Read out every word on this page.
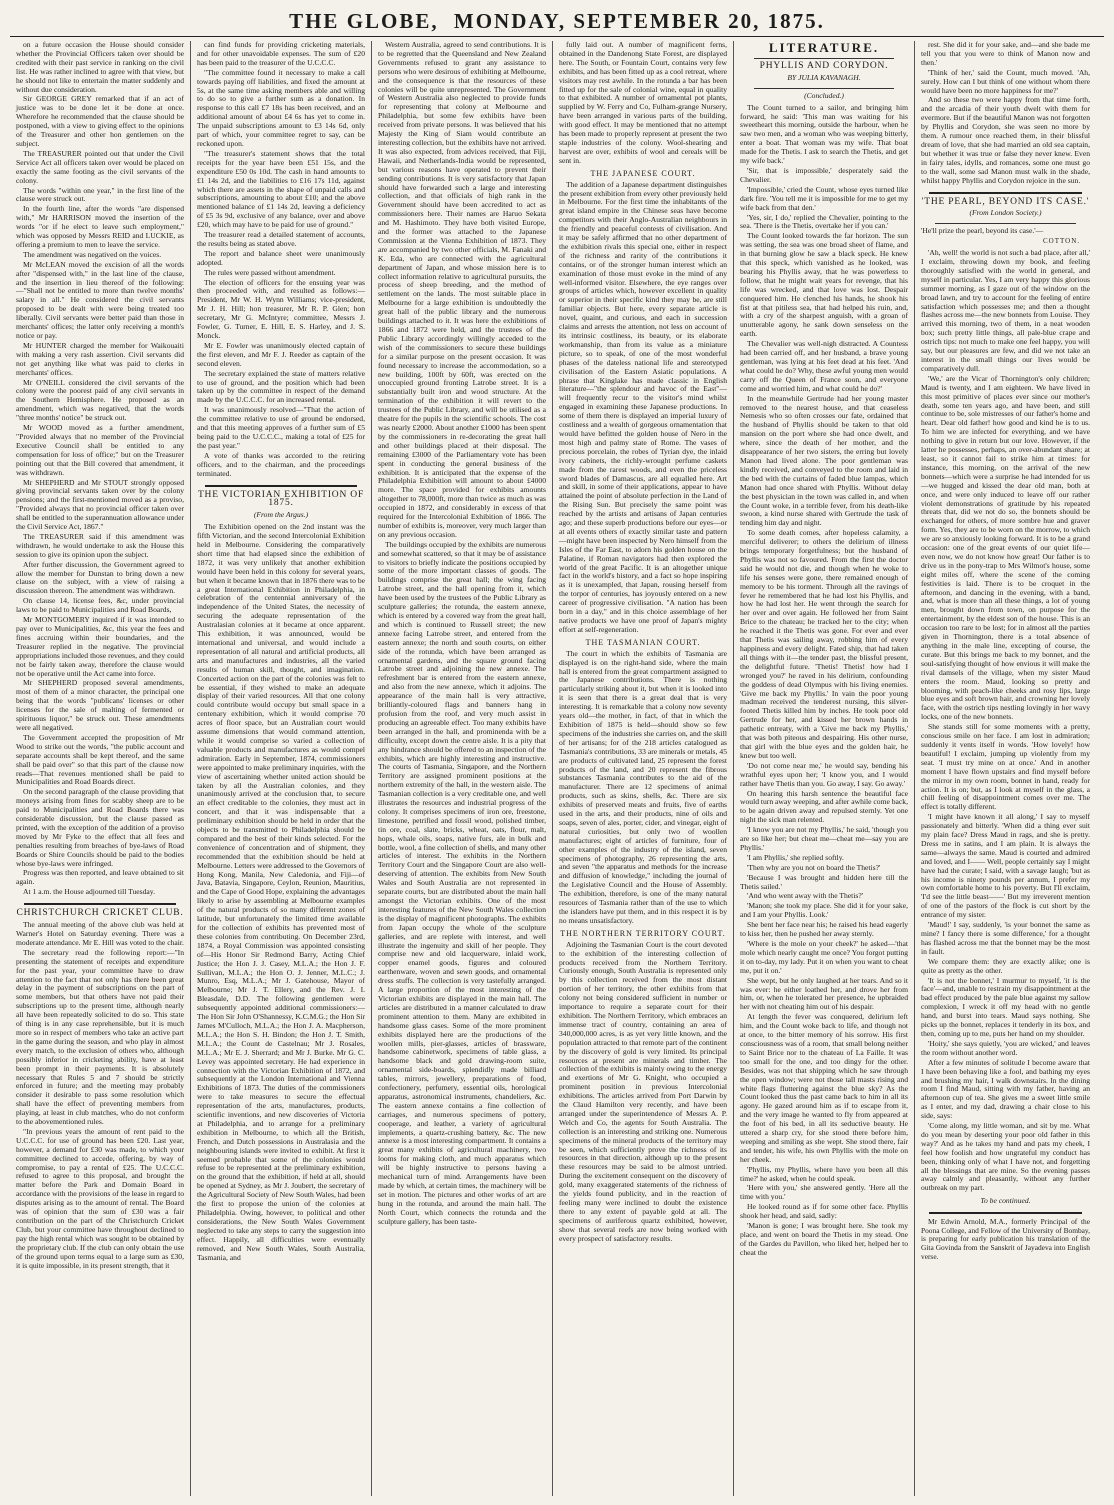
THE GLOBE, MONDAY, SEPTEMBER 20, 1875.

on a future occasion the House should consider whether the Provincial Officers taken over should be credited with their past service in ranking on the civil list. He was rather inclined to agree with that view, but he should not like to entertain the matter suddenly and without due consideration.

Sir GEORGE GREY remarked that if an act of justice was to be done let it be done at once. Wherefore he recommended that the clause should be postponed, with a view to giving effect to the opinions of the Treasurer and other hon gentlemen on the subject.

The TREASURER pointed out that under the Civil Service Act all officers taken over would be placed on exactly the same footing as the civil servants of the colony.

The words "within one year," in the first line of the clause were struck out.

In the fourth line, after the words "are dispensed with," Mr HARRISON moved the insertion of the words "or if he elect to leave such employment," which was opposed by Messrs REID and LUCKIE, as offering a premium to men to leave the service.

The amendment was negatived on the voices.

Mr McLEAN moved the excision of all the words after "dispensed with," in the last line of the clause, and the insertion in lieu thereof of the following:—"Shall not be entitled to more than twelve months' salary in all." He considered the civil servants proposed to be dealt with were being treated too liberally. Civil servants were better paid than those in merchants' offices; the latter only receiving a month's notice or pay.

Mr HUNTER charged the member for Waikouaiti with making a very rash assertion. Civil servants did not get anything like what was paid to clerks in merchants' offices.

Mr O'NEILL considered the civil servants of the colony were the poorest paid of any civil servants in the Southern Hemisphere. He proposed as an amendment, which was negatived, that the words "three months' notice" be struck out.

Mr WOOD moved as a further amendment, "Provided always that no member of the Provincial Executive Council shall be entitled to any compensation for loss of office;" but on the Treasurer pointing out that the Bill covered that amendment, it was withdrawn.

Mr SHEPHERD and Mr STOUT strongly opposed giving provincial servants taken over by the colony pensions; and the first-mentioned moved as a proviso, "Provided always that no provincial officer taken over shall be entitled to the superannuation allowance under the Civil Service Act, 1867."

The TREASURER said if this amendment was withdrawn, he would undertake to ask the House this session to give its opinion upon the subject.

After further discussion, the Government agreed to allow the member for Dunstan to bring down a new clause on the subject, with a view of raising a discussion thereon. The amendment was withdrawn.

On clause 14, license fees, &c, under provincial laws to be paid to Municipalities and Road Boards,

Mr MONTGOMERY inquired if it was intended to pay over to Municipalities, &c, this year the fees and fines accruing within their boundaries, and the Treasurer replied in the negative. The provincial appropriations included those revenues, and they could not be fairly taken away, therefore the clause would not be operative until the Act came into force.

Mr SHEPHERD proposed several amendments, most of them of a minor character, the principal one being that the words "publicans' licenses or other licenses for the sale of malting of fermented or spirituous liquor," be struck out. These amendments were all negatived.

The Government accepted the proposition of Mr Wood to strike out the words, "the public account and separate accounts shall be kept thereof, and the same shall be paid over" so that this part of the clause now reads—That revenues mentioned shall be paid to Municipalities and Road Boards direct.

On the second paragraph of the clause providing that moneys arising from fines for scabby sheep are to be paid to Municipalities and Road Boards there was considerable discussion, but the clause passed as printed, with the exception of the addition of a proviso moved by Mr Fyke to the effect that all fees and penalties resulting from breaches of bye-laws of Road Boards or Shire Councils should be paid to the bodies whose bye-laws were infringed.

Progress was then reported, and leave obtained to sit again.

At 1 a.m. the House adjourned till Tuesday.

CHRISTCHURCH CRICKET CLUB.

The annual meeting of the above club was held at Warner's Hotel on Saturday evening. There was a moderate attendance. Mr E. Hill was voted to the chair.

The secretary read the following report:—"In presenting the statement of receipts and expenditure for the past year, your committee have to draw attention to the fact that not only has there been great delay in the payment of subscriptions on the part of some members, but that others have not paid their subscriptions up to the present time, although nearly all have been repeatedly solicited to do so. This state of thing is in any case reprehensible, but it is much more so in respect of members who take an active part in the game during the season, and who play in almost every match, to the exclusion of others who, although possibly inferior in cricketing ability, have at least been prompt in their payments. It is absolutely necessary that Rules 5 and 7 should be strictly enforced in future; and the meeting may probably consider it desirable to pass some resolution which shall have the effect of preventing members from playing, at least in club matches, who do not conform to the abovementioned rules.

"In previous years the amount of rent paid to the U.C.C.C. for use of ground has been £20. Last year, however, a demand for £30 was made, to which your committee declined to accede, offering, by way of compromise, to pay a rental of £25. The U.C.C.C. refused to agree to this proposal, and brought the matter before the Park and Domain Board in accordance with the provisions of the lease in regard to disputes arising as to the amount of rental. The Board was of opinion that the sum of £30 was a fair contribution on the part of the Christchurch Cricket Club, but your committee have throughout declined to pay the high rental which was sought to be obtained by the proprietary club. If the club can only obtain the use of the ground upon terms equal to a large sum as £30, it is quite impossible, in its present strength, that it

can find funds for providing cricketing materials, and for other unavoidable expenses. The sum of £20 has been paid to the treasurer of the U.C.C.C.

"The committee found it necessary to make a call towards paying off liabilities, and fixed the amount at 5s, at the same time asking members able and willing to do so to give a further sum as a donation. In response to this call £7 18s has been received, and an additional amount of about £4 6s has yet to come in. The unpaid subscriptions amount to £3 14s 6d, only part of which, your committee regret to say, can be reckoned upon.

"The treasurer's statement shows that the total receipts for the year have been £51 15s, and the expenditure £50 0s 10d. The cash in hand amounts to £1 14s 2d, and the liabilities to £16 17s 11d, against which there are assets in the shape of unpaid calls and subscriptions, amounting to about £10; and the above mentioned balance of £1 14s 2d, leaving a deficiency of £5 3s 9d, exclusive of any balance, over and above £20, which may have to be paid for use of ground."

The treasurer read a detailed statement of accounts, the results being as stated above.

The report and balance sheet were unanimously adopted.

The rules were passed without amendment.

The election of officers for the ensuing year was then proceeded with, and resulted as follows:—President, Mr W. H. Wynn Williams; vice-president, Mr J. H. Hill; hon treasurer, Mr R. P. Glen; hon secretary, Mr G. McIntyre; committee, Messrs J. Fowler, G. Turner, E. Hill, E. S. Harley, and J. S. Monck.

Mr E. Fowler was unanimously elected captain of the first eleven, and Mr F. J. Reeder as captain of the second eleven.

The secretary explained the state of matters relative to use of ground, and the position which had been taken up by the committee in respect of the demand made by the U.C.C.C. for an increased rental.

It was unanimously resolved—"That the action of the committee relative to use of ground be endorsed, and that this meeting approves of a further sum of £5 being paid to the U.C.C.C., making a total of £25 for the past year."

A vote of thanks was accorded to the retiring officers, and to the chairman, and the proceedings terminated.

THE VICTORIAN EXHIBITION OF 1875.
(From the Argus.)

The Exhibition opened on the 2nd instant was the fifth Victorian, and the second Intercolonial Exhibition held in Melbourne. Considering the comparatively short time that had elapsed since the exhibition of 1872, it was very unlikely that another exhibition would have been held in this colony for several years, but when it became known that in 1876 there was to be a great International Exhibition in Philadelphia, in celebration of the centennial anniversary of the independence of the United States, the necessity of securing the adequate representation of the Australasian colonies at it became at once apparent. This exhibition, it was announced, would be international and universal, and would include a representation of all natural and artificial products, all arts and manufactures and industries, all the varied results of human skill, thought, and imagination. Concerted action on the part of the colonies was felt to be essential, if they wished to make an adequate display of their varied resources. All that one colony could contribute would occupy but small space in a centenary exhibition, which it would comprise 70 acres of floor space, but an Australian court would assume dimensions that would command attention, while it would comprise so varied a collection of valuable products and manufactures as would compel admiration. Early in September, 1874, commissioners were appointed to make preliminary inquiries, with the view of ascertaining whether united action should be taken by all the Australian colonies, and they unanimously arrived at the conclusion that, to secure an effect creditable to the colonies, they must act in concert, and that it was indispensable that a preliminary exhibition should be held in order that the objects to be transmitted to Philadelphia should be compared and the best of their kinds selected. For the convenience of concentration and of shipment, they recommended that the exhibition should be held at Melbourne. Letters were addressed to the Governors of Hong Kong, Manila, New Caledonia, and Fiji—of Java, Batavia, Singapore, Ceylon, Reunion, Mauritius, and the Cape of Good Hope, explaining the advantages likely to arise by assembling at Melbourne examples of the natural products of so many different zones of latitude, but unfortunately the limited time available for the collection of exhibits has prevented most of these colonies from contributing. On December 23rd, 1874, a Royal Commission was appointed consisting of—His Honor Sir Redmond Barry, Acting Chief Justice; the Hon J. J. Casey, M.L.A.; the Hon J. F. Sullivan, M.L.A.; the Hon O. J. Jenner, M.L.C.; J. Munro, Esq, M.L.A.; Mr J. Gatehouse, Mayor of Melbourne; Mr J. T. Ellery, and the Rev. J. I. Bleasdale, D.D. The following gentlemen were subsequently appointed additional commissioners:—The Hon Sir John O'Shannessy, K.C.M.G.; the Hon Sir James M'Culloch, M.L.A.; the Hon J. A. Macpherson, M.L.A.; the Hon S. H. Bindon; the Hon J. T. Smith, M.L.A.; the Count de Castelnau; Mr J. Rosales, M.L.A.; Mr E. J. Sherrard; and Mr J. Burke. Mr G. C. Levey was appointed secretary. He had experience in connection with the Victorian Exhibition of 1872, and subsequently at the London International and Vienna Exhibitions of 1873. The duties of the commissioners were to take measures to secure the effectual representation of the arts, manufactures, products, scientific inventions, and new discoveries of Victoria at Philadelphia, and to arrange for a preliminary exhibition in Melbourne, to which all the British, French, and Dutch possessions in Australasia and the neighbouring islands were invited to exhibit. At first it seemed probable that some of the colonies would refuse to be represented at the preliminary exhibition, on the ground that the exhibition, if held at all, should be opened at Sydney, as Mr J. Joubert, the secretary of the Agricultural Society of New South Wales, had been the first to propose the union of the colonies at Philadelphia. Owing, however, to political and other considerations, the New South Wales Government neglected to take any steps to carry the suggestion into effect. Happily, all difficulties were eventually removed, and New South Wales, South Australia, Tasmania, and

Western Australia, agreed to send contributions. It is to be regretted that the Queensland and New Zealand Governments refused to grant any assistance to persons who were desirous of exhibiting at Melbourne, and the consequence is that the resources of these colonies will be quite unrepresented. The Government of Western Australia also neglected to provide funds for representing that colony at Melbourne and Philadelphia, but some few exhibits have been received from private persons. It was believed that his Majesty the King of Siam would contribute an interesting collection, but the exhibits have not arrived. It was also expected, from advices received, that Fiji, Hawaii, and Netherlands-India would be represented, but various reasons have operated to prevent their sending contributions. It is very satisfactory that Japan should have forwarded such a large and interesting collection, and that officials of high rank in the Government should have been accredited to act as commissioners here. Their names are Haruo Sekata and M. Hashimoto. They have both visited Europe, and the former was attached to the Japanese Commission at the Vienna Exhibition of 1873. They are accompanied by two other officials, M. Fanaki and K. Eda, who are connected with the agricultural department of Japan, and whose mission here is to collect information relative to agricultural pursuits, the process of sheep breeding, and the method of settlement on the lands. The most suitable place in Melbourne for a large exhibition is undoubtedly the great hall of the public library and the numerous buildings attached to it. It was here the exhibitions of 1866 and 1872 were held, and the trustees of the Public Library accordingly willingly acceded to the wish of the commissioners to secure these buildings for a similar purpose on the present occasion. It was found necessary to increase the accommodation, so a new building, 100ft by 60ft, was erected on the unoccupied ground fronting Latrobe street. It is a substantially built iron and wood structure. At the termination of the exhibition it will revert to the trustees of the Public Library, and will be utilised as a theatre for the pupils in the scientific schools. The cost was nearly £2000. About another £1000 has been spent by the commissioners in re-decorating the great hall and other buildings placed at their disposal. The remaining £3000 of the Parliamentary vote has been spent in conducting the general business of the exhibition. It is anticipated that the expense of the Philadelphia Exhibition will amount to about £4000 more. The space provided for exhibits amounts altogether to 78,000ft, more than twice as much as was occupied in 1872, and considerably in excess of that required for the Intercolonial Exhibition of 1866. The number of exhibits is, moreover, very much larger than on any previous occasion.

The buildings occupied by the exhibits are numerous and somewhat scattered, so that it may be of assistance to visitors to briefly indicate the positions occupied by some of the more important classes of goods. The buildings comprise the great hall; the wing facing Latrobe street, and the hall opening from it, which have been used by the trustees of the Public Library as sculpture galleries; the rotunda, the eastern annexe, which is entered by a covered way from the great hall, and which is continued to Russell street; the new annexe facing Latrobe street, and entered from the eastern annexe; the north and south courts, on either side of the rotunda, which have been arranged as ornamental gardens, and the square ground facing Latrobe street and adjoining the new annexe. The refreshment bar is entered from the eastern annexe, and also from the new annexe, which it adjoins. The appearance of the main hall is very attractive, brilliantly-coloured flags and banners hang in profusion from the roof, and very much assist in producing an agreeable effect. Too many exhibits have been arranged in the hall, and prominenda with be a difficulty, except down the centre aisle. It is a pity that any hindrance should be offered to an inspection of the exhibits, which are highly interesting and instructive. The courts of Tasmania, Singapore, and the Northern Territory are assigned prominent positions at the northern extremity of the hall, in the western aisle. The Tasmanian collection is a very creditable one, and well illustrates the resources and industrial progress of the colony. It comprises specimens of iron ore, freestone, limestone, petrified and fossil wood, polished timber, tin ore, coal, slate, bricks, wheat, oats, flour, malt, hops, whale oils, soaps, native furs, ale in bulk and bottle, wool, a fine collection of shells, and many other articles of interest. The exhibits in the Northern Territory Court and the Singapore Court are also well-deserving of attention. The exhibits from New South Wales and South Australia are not represented in separate courts, but are distributed about the main hall amongst the Victorian exhibits. One of the most interesting features of the New South Wales collection is the display of magnificent photographs. The exhibits from Japan occupy the whole of the sculpture galleries, and are replete with interest, and well illustrate the ingenuity and skill of her people. They comprise new and old lacquerware, inlaid work, copper enamel goods, figures and coloured earthenware, woven and sewn goods, and ornamental dress stuffs. The collection is very tastefully arranged. A large proportion of the most interesting of the Victorian exhibits are displayed in the main hall. The articles are distributed in a manner calculated to draw prominent attention to them. Many are exhibited in handsome glass cases. Some of the more prominent exhibits displayed here are the productions of the woollen mills, pier-glasses, articles of brassware, handsome cabinetwork, specimens of table glass, a handsome black and gold drawing-room suite, ornamental side-boards, splendidly made billiard tables, mirrors, jewellery, preparations of food, confectionery, perfumery, essential oils, horological apparatus, astronomical instruments, chandeliers, &c. The eastern annexe contains a fine collection of carriages, and numerous specimens of pottery, cooperage, and leather, a variety of agricultural implements, a quartz-crushing battery, &c. The new annexe is a most interesting compartment. It contains a great many exhibits of agricultural machinery, two looms for making cloth, and much apparatus which will be highly instructive to persons having a mechanical turn of mind. Arrangements have been made by which, at certain times, the machinery will be set in motion. The pictures and other works of art are hung in the rotunda, and around the main hall. The North Court, which connects the rotunda and the sculpture gallery, has been taste-

fully laid out. A number of magnificent ferns, obtained in the Dandenong State Forest, are displayed here. The South, or Fountain Court, contains very few exhibits, and has been fitted up as a cool retreat, where visitors may rest awhile. In the rotunda a bar has been fitted up for the sale of colonial wine, equal in quality to that exhibited. A number of ornamental pot plants, supplied by W. Ferry and Co, Fulham-grange Nursery, have been arranged in various parts of the building, with good effect. It may be mentioned that no attempt has been made to properly represent at present the two staple industries of the colony. Wool-shearing and harvest are over, exhibits of wool and cereals will be sent in.

THE JAPANESE COURT.

The addition of a Japanese department distinguishes the present exhibition from every other previously held in Melbourne. For the first time the inhabitants of the great island empire in the Chinese seas have become competitors with their Anglo-Australian neighbours in the friendly and peaceful contests of civilisation. And it may be safely affirmed that no other department of the exhibition rivals this special one, either in respect of the richness and rarity of the contributions it contains, or of the stronger human interest which an examination of those must evoke in the mind of any well-informed visitor. Elsewhere, the eye ranges over groups of articles which, however excellent in quality or superior in their specific kind they may be, are still familiar objects. But here, every separate article is novel, quaint, and curious, and each in succession claims and arrests the attention, not less on account of its intrinsic costliness, its beauty, or its elaborate workmanship, than from its value as a miniature picture, so to speak, of one of the most wonderful phases of the dateless national life and stereotyped civilisation of the Eastern Asiatic populations. A phrase that Kinglake has made classic in English literature—"the splendour and havoc of the East"—will frequently recur to the visitor's mind whilst engaged in examining these Japanese productions. In some of them there is displayed an imperial luxury of costliness and a wealth of gorgeous ornamentation that would have befitted the golden house of Nero in the most high and palmy state of Rome. The vases of precious porcelain, the robes of Tyrian dye, the inlaid ivory cabinets, the richly-wrought perfume caskets made from the rarest woods, and even the priceless sword blades of Damascus, are all equalled here. Art and skill, in some of their applications, appear to have attained the point of absolute perfection in the Land of the Rising Sun. But precisely the same point was reached by the artists and artisans of Japan centuries ago; and these superb productions before our eyes—or at all events others of exactly similar taste and pattern—might have been inspected by Nero himself from the Isles of the Far East, to adorn his golden house on the Palatine, if Roman navigators had then explored the world of the great Pacific. It is an altogether unique fact in the world's history, and a fact so hope inspiring as it is unexampled, that Japan, rousing herself from the torpor of centuries, has joyously entered on a new career of progressive civilisation. "A nation has been born in a day," and in this choice assemblage of her native products we have one proof of Japan's mighty effort at self-regeneration.

THE TASMANIAN COURT.

The court in which the exhibits of Tasmania are displayed is on the right-hand side, where the main hall is entered from the great compartment assigned to the Japanese contributions. There is nothing particularly striking about it, but when it is looked into it is seen that there is a great deal that is very interesting. It is remarkable that a colony now seventy years old—the mother, in fact, of that in which the Exhibition of 1875 is held—should show so few specimens of the industries she carries on, and the skill of her artisans; for of the 218 articles catalogued as Tasmania's contributions, 33 are minerals or metals, 45 are products of cultivated land, 25 represent the forest products of the land, and 20 represent the fibrous substances Tasmania contributes to the aid of the manufacturer. There are 12 specimens of animal products, such as skins, shells, &c. There are six exhibits of preserved meats and fruits, five of earths used in the arts, and their products, nine of oils and soaps, seven of ales, porter, cider, and vinegar, eight of natural curiosities, but only two of woollen manufactures; eight of articles of furniture, four of other examples of the industry of the island, seven specimens of photography, 26 representing the arts, and seven "the apparatus and methods for the increase and diffusion of knowledge," including the journal of the Legislative Council and the House of Assembly. The exhibition, therefore, is one of the many natural resources of Tasmania rather than of the use to which the islanders have put them, and in this respect it is by no means unsatisfactory.

THE NORTHERN TERRITORY COURT.

Adjoining the Tasmanian Court is the court devoted to the exhibition of the interesting collection of products received from the Northern Territory. Curiously enough, South Australia is represented only by this collection received from the most distant portion of her territory, the other exhibits from that colony not being considered sufficient in number or importance to require a separate court for their exhibition. The Northern Territory, which embraces an immense tract of country, containing an area of 340,000,000 acres, is as yet very little known, and the population attracted to that remote part of the continent by the discovery of gold is very limited. Its principal resources at present are minerals and timber. The collection of the exhibits is mainly owing to the energy and exertions of Mr G. Knight, who occupied a prominent position in previous Intercolonial exhibitions. The articles arrived from Port Darwin by the Claud Hamilton very recently, and have been arranged under the superintendence of Messrs A. P. Welch and Co, the agents for South Australia. The collection is an interesting and striking one. Numerous specimens of the mineral products of the territory may be seen, which sufficiently prove the richness of its resources in that direction, although up to the present these resources may be said to be almost untried. During the excitement consequent on the discovery of gold, many exaggerated statements of the richness of the yields found publicity, and in the reaction of feeling many were inclined to doubt the existence there to any extent of payable gold at all. The specimens of auriferous quartz exhibited, however, show that several reefs are now being worked with every prospect of satisfactory results.

LITERATURE.
PHYLLIS AND CORYDON.
BY JULIA KAVANAGH.
(Concluded.)

The Count turned to a sailor, and bringing him forward, he said: 'This man was waiting for his sweetheart this morning, outside the harbour, when he saw two men, and a woman who was weeping bitterly, enter a boat. That woman was my wife. That boat made for the Thetis. I ask to search the Thetis, and get my wife back.'

'Sir, that is impossible,' desperately said the Chevalier.

'Impossible,' cried the Count, whose eyes turned like dark fire. 'You tell me it is impossible for me to get my wife back from that den.'

'Yes, sir, I do,' replied the Chevalier, pointing to the sea. 'There is the Thetis, overtake her if you can.'

The Count looked towards the far horizon. The sun was setting, the sea was one broad sheet of flame, and in that burning glow he saw a black speck. He knew that this speck, which vanished as he looked, was bearing his Phyllis away, that he was powerless to follow, that he might wait years for revenge, that his life was wrecked, and that love was lost. Despair conquered him. He clenched his hands, he shook his fist at that pitiless sea, that had helped his ruin, and, with a cry of the sharpest anguish, with a groan of unutterable agony, he sank down senseless on the earth.

The Chevalier was well-nigh distracted. A Countess had been carried off, and her husband, a brave young gentleman, was lying at his feet dead at his feet. 'And what could he do? Why, these awful young men would carry off the Queen of France soon, and everyone come and worried him, and what could he do?'

In the meanwhile Gertrude had her young master removed to the nearest house, and that ceaseless Nemesis who so often crosses our fate, ordained that the husband of Phyllis should be taken to that old mansion on the port where she had once dwelt, and where, since the death of her mother, and the disappearance of her two sisters, the erring but lovely Manon had lived alone. The poor gentleman was kindly received, and conveyed to the room and laid in the bed with the curtains of faded blue lampas, which Manon had once shared with Phyllis. Without delay the best physician in the town was called in, and when the Count woke, in a terrible fever, from his death-like swoon, a kind nurse shared with Gertrude the task of tending him day and night.

To some death comes, after hopeless calamity, a merciful deliverer; to others the delirium of illness brings temporary forgetfulness; but the husband of Phyllis was not so favoured. From the first the doctor said he would not die, and though when he woke to life his senses were gone, there remained enough of memory to be his torment. Through all the ravings of fever he remembered that he had lost his Phyllis, and how he had lost her. He went through the search for her over and over again. He followed her from Saint Brice to the chateau; he tracked her to the city; when he reached it the Thetis was gone. For ever and ever that Thetis was sailing away, robbing him of every happiness and every delight. Fated ship, that had taken all things with it—the tender past, the blissful present, the delightful future. 'Thetis! Thetis! how had I wronged you?' he raved in his delirium, confounding the goddess of dead Olympus with his living enemies. 'Give me back my Phyllis.' In vain the poor young madman received the tenderest nursing, this silver-footed Thetis killed him by inches. He took poor old Gertrude for her, and kissed her brown hands in pathetic entreaty, with a 'Give me back my Phyllis,' that was both piteous and despairing. His other nurse, that girl with the blue eyes and the golden hair, he knew but too well.

'Do not come near me,' he would say, bending his wrathful eyes upon her; 'I know you, and I would rather have Thetis than you. Go away, I say. Go away.'

On hearing this harsh sentence the beautiful face would turn away weeping, and after awhile come back, to be again driven away and repulsed sternly. Yet one night the sick man relented.

'I know you are not my Phyllis,' he said, 'though you are so like her; but cheat me—cheat me—say you are Phyllis.'

'I am Phyllis,' she replied softly.

'Then why are you not on board the Thetis?'

'Because I was brought and hidden here till the Thetis sailed.'

'And who went away with the Thetis?'

'Manon; she took my place. She did it for your sake, and I am your Phyllis. Look.'

She bent her face near his; he raised his head eagerly to kiss her, then he pushed her away sternly.

'Where is the mole on your cheek?' he asked—'that mole which nearly caught me once? You forgot putting it on to-day, my lady. Put it on when you want to cheat me, put it on.'

She wept, but he only laughed at her tears. And so it was ever: he either loathed her, and drove her from him, or, when he tolerated her presence, he upbraided her with not cheating him out of his despair.

At length the fever was conquered, delirium left him, and the Count woke back to life, and though not at once, to the bitter memory of his sorrow. His first consciousness was of a room, that small belong neither to Saint Brice nor to the chateau of La Faille. It was too small for the one, and too dingy for the other. Besides, was not that shipping which he saw through the open window; were not those tall masts rising and white flags fluttering against the blue sky? As the Count looked thus the past came back to him in all its agony. He gazed around him as if to escape from it, and the very image he wanted to fly from appeared at the foot of his bed, in all its seductive beauty. He uttered a sharp cry, for she stood there before him, weeping and smiling as she wept. She stood there, fair and tender, his wife, his own Phyllis with the mole on her cheek.

'Phyllis, my Phyllis, where have you been all this time?' he asked, when he could speak.

'Here with you,' she answered gently. 'Here all the time with you.'

He looked round as if for some other face. Phyllis shook her head, and said, sadly:

'Manon is gone; I was brought here. She took my place, and went on board the Thetis in my stead. One of the Gardes du Pavillon, who liked her, helped her to cheat the

rest. She did it for your sake, and—and she bade me tell you that you were to think of Manon now and then.'

'Think of her,' said the Count, much moved. 'Ah, surely. How can I but think of one without whom there would have been no more happiness for me?'

And so these two were happy from that time forth, and the arcadia of their youth dwelt with them for evermore. But if the beautiful Manon was not forgotten by Phyllis and Corydon, she was seen no more by them. A rumour once reached them, in their blissful dream of love, that she had married an old sea captain, but whether it was true or false they never knew. Even in fairy tales, idylls, and romances, some one must go to the wall, some sad Manon must walk in the shade, whilst happy Phyllis and Corydon rejoice in the sun.

'THE PEARL, BEYOND ITS CASE.'
(From London Society.)

'He'll prize the pearl, beyond its case.'—

COTTON.

'Ah, well! the world is not such a bad place, after all,' I exclaim, throwing down my book, and feeling thoroughly satisfied with the world in general, and myself in particular. Yes, I am very happy this glorious summer morning, as I gaze out of the window on the broad lawn, and try to account for the feeling of entire satisfaction which possesses me; and then a thought flashes across me—the new bonnets from Louise. They arrived this morning, two of them, in a neat wooden box; such pretty little things, all pale-blue crape and ostrich tips: not much to make one feel happy, you will say, but our pleasures are few, and did we not take an interest in the small things our lives would be comparatively dull.

'We,' are the Vicar of Thornington's only children; Maud is twenty, and I am eighteen. We have lived in this most primitive of places ever since our mother's death, some ten years ago, and have been, and still continue to be, sole mistresses of our father's home and heart. Dear old father! how good and kind he is to us. To him we are infected for everything, and we have nothing to give in return but our love. However, if the latter he possesses, perhaps, an over-abundant share; at least, so it cannot fail to strike him at times: for instance, this morning, on the arrival of the new bonnets—which were a surprise he had intended for us—we hugged and kissed the dear old man, both at once, and were only induced to leave off our rather violent demonstrations of gratitude by his repeated threats that, did we not do so, the bonnets should be exchanged for others, of more sombre hue and graver form. Yes, they are to be worn on the morrow, to which we are so anxiously looking forward. It is to be a grand occasion: one of the great events of our quiet life—even now, we do not know how great! Our father is to drive us in the pony-trap to Mrs Wilmot's house, some eight miles off, where the scene of the coming festivities is laid. There is to be croquet in the afternoon, and dancing in the evening, with a band, and, what is more than all these things, a lot of young men, brought down from town, on purpose for the entertainment, by the eldest son of the house. This is an occasion too rare to be lost; for in almost all the parties given in Thornington, there is a total absence of anything in the male line, excepting of course, the curate. But this brings me back to my bonnet, and the soul-satisfying thought of how envious it will make the rival damsels of the village, when my sister Maud enters the room. Maud, looking so pretty and blooming, with peach-like cheeks and rosy lips, large blue eyes and soft brown hair, and crowning her lovely face, with the ostrich tips nestling lovingly in her wavy locks, one of the new bonnets.

She stands still for some moments with a pretty, conscious smile on her face. I am lost in admiration; suddenly it vents itself in words. 'How lovely! how beautiful! I exclaim, jumping up violently from my seat. 'I must try mine on at once.' And in another moment I have flown upstairs and find myself before the mirror in my own room, bonnet in hand, ready for action. It is on; but, as I look at myself in the glass, a chill feeling of disappointment comes over me. The effect is totally different.

'I might have known it all along,' I say to myself passionately and bitterly. 'When did a thing ever suit my plain face? Dress Maud in rags, and she is pretty. Dress me in satins, and I am plain. It is always the same—always the same. Maud is courted and admired and loved, and I—— Well, people certainly say I might have had the curate; I said, with a savage laugh; 'but as his income is ninety pounds per annum, I prefer my own comfortable home to his poverty. But I'll exclaim, 'I'd see the little beast——' But my irreverent mention of one of the pastors of the flock is cut short by the entrance of my sister.

'Maud!' I say, suddenly, 'is your bonnet the same as mine? I fancy there is some difference,' for a thought has flashed across me that the bonnet may be the most in fault.

We compare them: they are exactly alike; one is quite as pretty as the other.

'It is not the bonnet,' I murmur to myself, 'it is the face'—and, unable to restrain my disappointment at the bad effect produced by the pale blue against my sallow complexion, I wreck it off my head with no gentle hand, and burst into tears. Maud says nothing. She picks up the bonnet, replaces it tenderly in its box, and then, coming up to me, puts her hand on my shoulder.

'Hoity,' she says quietly, 'you are wicked,' and leaves the room without another word.

After a few minutes of solitude I become aware that I have been behaving like a fool, and bathing my eyes and brushing my hair, I walk downstairs. In the dining room I find Maud, sitting with my father, having an afternoon cup of tea. She gives me a sweet little smile as I enter, and my dad, drawing a chair close to his side, says:

'Come along, my little woman, and sit by me. What do you mean by deserting your poor old father in this way?' And as he takes my hand and pats my cheek, I feel how foolish and how ungrateful my conduct has been, thinking only of what I have not, and forgetting all the blessings that are mine. So the evening passes away calmly and pleasantly, without any further outbreak on my part.

To be continued.

Mr Edwin Arnold, M.A., formerly Principal of the Poona College, and Fellow of the University of Bombay, is preparing for early publication his translation of the Gita Govinda from the Sanskrit of Jayadeva into English verse.
